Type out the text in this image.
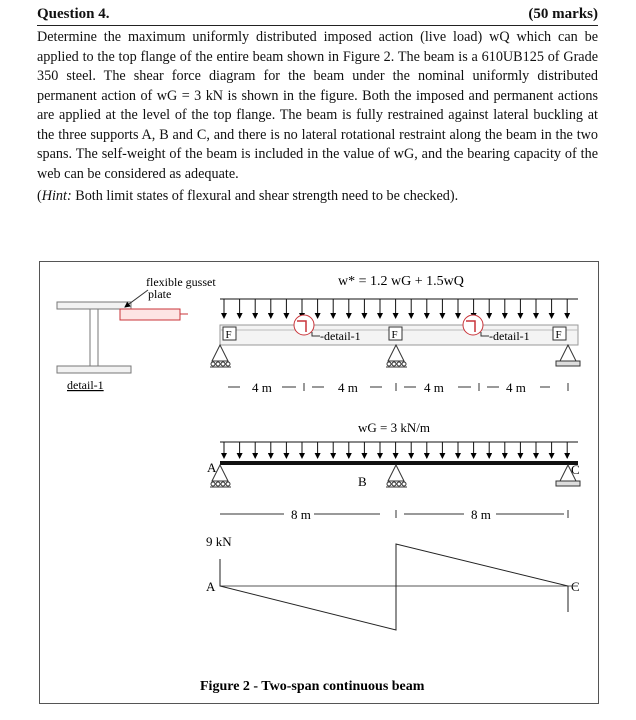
Question 4.	(50 marks)
Determine the maximum uniformly distributed imposed action (live load) wQ which can be applied to the top flange of the entire beam shown in Figure 2. The beam is a 610UB125 of Grade 350 steel. The shear force diagram for the beam under the nominal uniformly distributed permanent action of wG = 3 kN is shown in the figure. Both the imposed and permanent actions are applied at the level of the top flange. The beam is fully restrained against lateral buckling at the three supports A, B and C, and there is no lateral rotational restraint along the beam in the two spans. The self-weight of the beam is included in the value of wG, and the bearing capacity of the web can be considered as adequate.
(Hint: Both limit states of flexural and shear strength need to be checked).
flexible gusset
plate
detail-1
w* = 1.2 wG + 1.5wQ
F	F	F
-detail-1	-detail-1
4 m	4 m	4 m	4 m
wG = 3 kN/m
A
B
C
8 m	8 m
9 kN
A	C
Figure 2 - Two-span continuous beam
